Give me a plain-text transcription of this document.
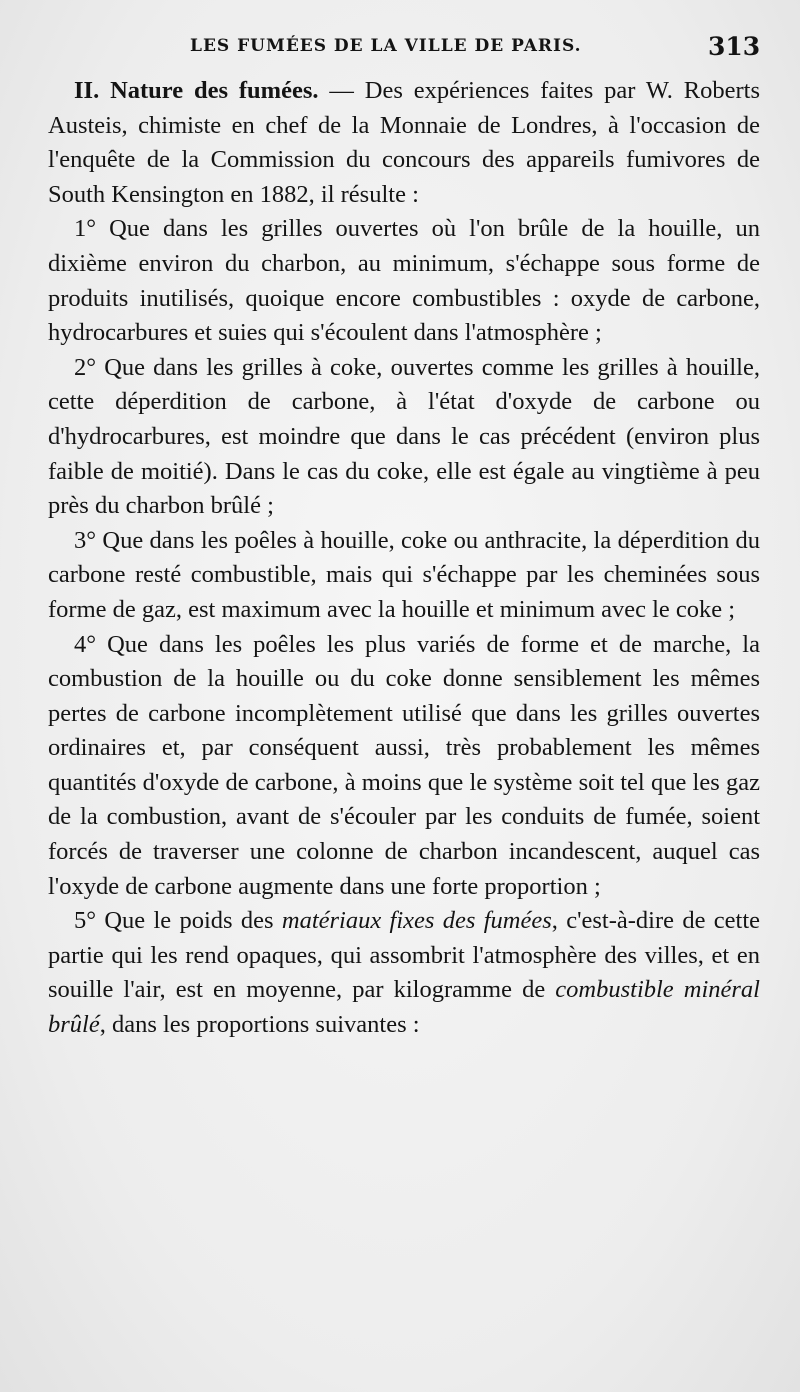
LES FUMÉES DE LA VILLE DE PARIS.	313

II. Nature des fumées. — Des expériences faites par W. Roberts Austeis, chimiste en chef de la Monnaie de Londres, à l'occasion de l'enquête de la Commission du concours des appareils fumivores de South Kensington en 1882, il résulte :

1° Que dans les grilles ouvertes où l'on brûle de la houille, un dixième environ du charbon, au minimum, s'échappe sous forme de produits inutilisés, quoique encore combustibles : oxyde de carbone, hydrocarbures et suies qui s'écoulent dans l'atmosphère ;

2° Que dans les grilles à coke, ouvertes comme les grilles à houille, cette déperdition de carbone, à l'état d'oxyde de carbone ou d'hydrocarbures, est moindre que dans le cas précédent (environ plus faible de moitié). Dans le cas du coke, elle est égale au vingtième à peu près du charbon brûlé ;

3° Que dans les poêles à houille, coke ou anthracite, la déperdition du carbone resté combustible, mais qui s'échappe par les cheminées sous forme de gaz, est maximum avec la houille et minimum avec le coke ;

4° Que dans les poêles les plus variés de forme et de marche, la combustion de la houille ou du coke donne sensiblement les mêmes pertes de carbone incomplètement utilisé que dans les grilles ouvertes ordinaires et, par conséquent aussi, très probablement les mêmes quantités d'oxyde de carbone, à moins que le système soit tel que les gaz de la combustion, avant de s'écouler par les conduits de fumée, soient forcés de traverser une colonne de charbon incandescent, auquel cas l'oxyde de carbone augmente dans une forte proportion ;

5° Que le poids des matériaux fixes des fumées, c'est-à-dire de cette partie qui les rend opaques, qui assombrit l'atmosphère des villes, et en souille l'air, est en moyenne, par kilogramme de combustible minéral brûlé, dans les proportions suivantes :
